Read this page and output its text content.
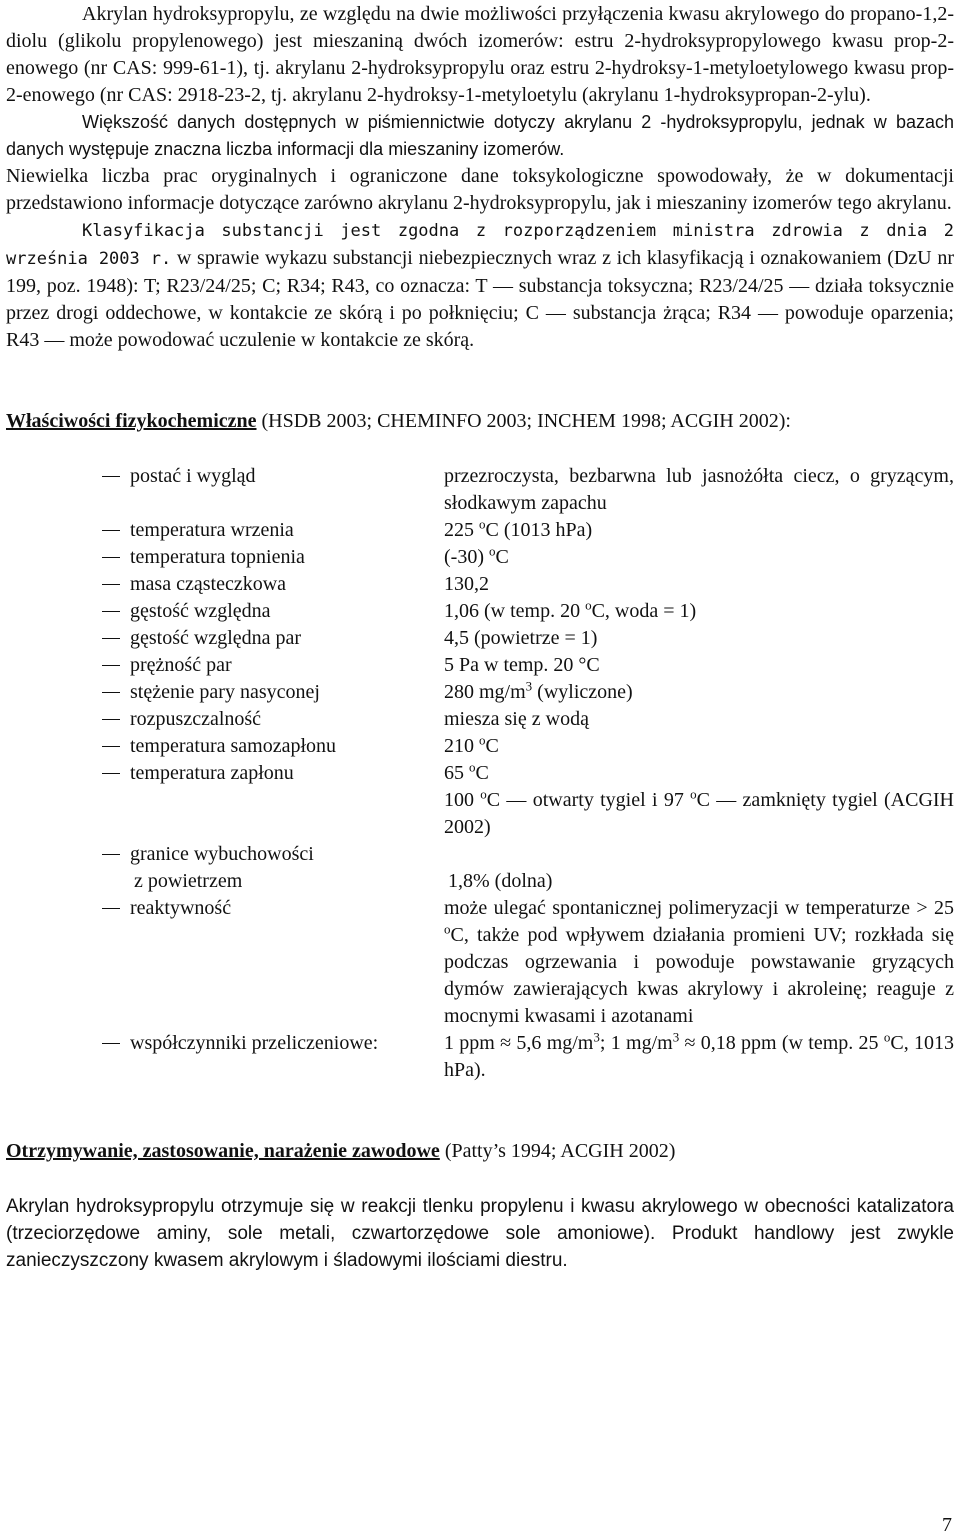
Akrylan hydroksypropylu, ze względu na dwie możliwości przyłączenia kwasu akrylowego do propano-1,2-diolu (glikolu propylenowego) jest mieszaniną dwóch izomerów: estru 2-hydroksypropylowego kwasu prop-2-enowego (nr CAS: 999-61-1), tj. akrylanu 2-hydroksypropylu oraz estru 2-hydroksy-1-metyloetylowego kwasu prop-2-enowego (nr CAS: 2918-23-2, tj. akrylanu 2-hydroksy-1-metyloetylu (akrylanu 1-hydroksypropan-2-ylu).

Większość danych dostępnych w piśmiennictwie dotyczy akrylanu 2 -hydroksypropylu, jednak w bazach danych występuje znaczna liczba informacji dla mieszaniny izomerów.

Niewielka liczba prac oryginalnych i ograniczone dane toksykologiczne spowodowały, że w dokumentacji przedstawiono informacje dotyczące zarówno akrylanu 2-hydroksypropylu, jak i mieszaniny izomerów tego akrylanu.

Klasyfikacja substancji jest zgodna z rozporządzeniem ministra zdrowia z dnia 2 września 2003 r. w sprawie wykazu substancji niebezpiecznych wraz z ich klasyfikacją i oznakowaniem (DzU nr 199, poz. 1948): T; R23/24/25; C; R34; R43, co oznacza: T ― substancja toksyczna; R23/24/25 ― działa toksycznie przez drogi oddechowe, w kontakcie ze skórą i po połknięciu; C ― substancja żrąca; R34 ― powoduje oparzenia; R43 ― może powodować uczulenie w kontakcie ze skórą.

Właściwości fizykochemiczne (HSDB 2003; CHEMINFO 2003; INCHEM 1998; ACGIH 2002):

postać i wygląd	przezroczysta, bezbarwna lub jasnożółta ciecz, o gryzącym, słodkawym zapachu
temperatura wrzenia	225 $^o$C (1013 hPa)
temperatura topnienia	(-30) $^o$C
masa cząsteczkowa	130,2
gęstość względna	1,06 (w temp. 20 $^o$C, woda = 1)
gęstość względna par	4,5 (powietrze = 1)
prężność par	5 Pa w temp. 20 °C
stężenie pary nasyconej	280 $mg/m^3$ (wyliczone)
rozpuszczalność	miesza się z wodą
temperatura samozapłonu	210 $^o$C
temperatura zapłonu	65 $^o$C
100 $^o$C ― otwarty tygiel i 97 $^o$C ― zamknięty tygiel (ACGIH 2002)
granice wybuchowości
z powietrzem	1,8% (dolna)
reaktywność	może ulegać spontanicznej polimeryzacji w temperaturze > 25 $^o$C, także pod wpływem działania promieni UV; rozkłada się podczas ogrzewania i powoduje powstawanie gryzących dymów zawierających kwas akrylowy i akroleinę; reaguje z mocnymi kwasami i azotanami
współczynniki przeliczeniowe:	1 ppm ≈ 5,6 $mg/m^3$; 1 $mg/m^3 \approx 0,18$ ppm (w temp. 25 $^o$C, 1013 hPa).

Otrzymywanie, zastosowanie, narażenie zawodowe (Patty’s 1994; ACGIH 2002)

Akrylan hydroksypropylu otrzymuje się w reakcji tlenku propylenu i kwasu akrylowego w obecności katalizatora (trzeciorzędowe aminy, sole metali, czwartorzędowe sole amoniowe). Produkt handlowy jest zwykle zanieczyszczony kwasem akrylowym i śladowymi ilościami diestru.

7
